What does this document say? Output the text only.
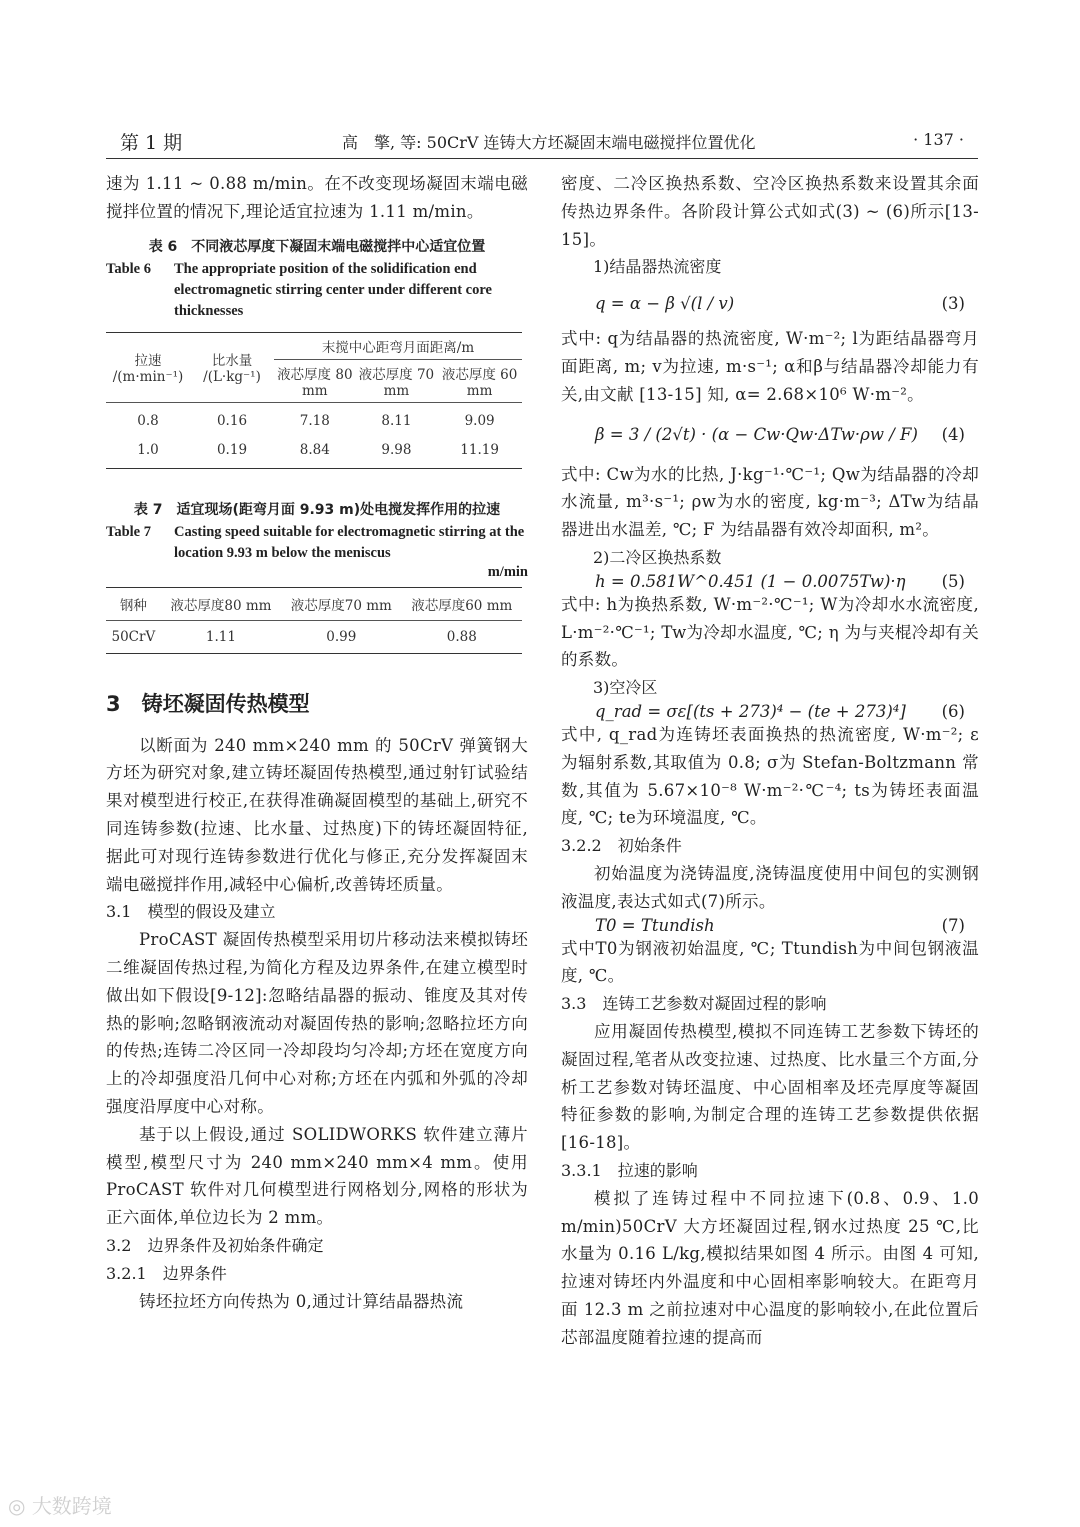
第 1 期	高　擎, 等: 50CrV 连铸大方坯凝固末端电磁搅拌位置优化	· 137 ·

速为 1.11 ~ 0.88 m/min。在不改变现场凝固末端电磁搅拌位置的情况下,理论适宜拉速为 1.11 m/min。

表 6　不同液芯厚度下凝固末端电磁搅拌中心适宜位置

Table 6	The appropriate position of the solidification end electromagnetic stirring center under different core thicknesses
拉速 /(m·min⁻¹)	比水量 /(L·kg⁻¹)	末搅中心距弯月面距离/m		
		液芯厚度 80 mm	液芯厚度 70 mm	液芯厚度 60 mm
0.8	0.16	7.18	8.11	9.09
1.0	0.19	8.84	9.98	11.19

表 7　适宜现场(距弯月面 9.93 m)处电搅发挥作用的拉速

Table 7	Casting speed suitable for electromagnetic stirring at the location 9.93 m below the meniscus
m/min
钢种	液芯厚度80 mm	液芯厚度70 mm	液芯厚度60 mm
50CrV	1.11	0.99	0.88
3　铸坯凝固传热模型

以断面为 240 mm×240 mm 的 50CrV 弹簧钢大方坯为研究对象,建立铸坯凝固传热模型,通过射钉试验结果对模型进行校正,在获得准确凝固模型的基础上,研究不同连铸参数(拉速、比水量、过热度)下的铸坯凝固特征,据此可对现行连铸参数进行优化与修正,充分发挥凝固末端电磁搅拌作用,减轻中心偏析,改善铸坯质量。

3.1　模型的假设及建立

ProCAST 凝固传热模型采用切片移动法来模拟铸坯二维凝固传热过程,为简化方程及边界条件,在建立模型时做出如下假设[9-12]:忽略结晶器的振动、锥度及其对传热的影响;忽略钢液流动对凝固传热的影响;忽略拉坯方向的传热;连铸二冷区同一冷却段均匀冷却;方坯在宽度方向上的冷却强度沿几何中心对称;方坯在内弧和外弧的冷却强度沿厚度中心对称。

基于以上假设,通过 SOLIDWORKS 软件建立薄片模型,模型尺寸为 240 mm×240 mm×4 mm。使用 ProCAST 软件对几何模型进行网格划分,网格的形状为正六面体,单位边长为 2 mm。

3.2　边界条件及初始条件确定

3.2.1　边界条件

铸坯拉坯方向传热为 0,通过计算结晶器热流

密度、二冷区换热系数、空冷区换热系数来设置其余面传热边界条件。各阶段计算公式如式(3) ~ (6)所示[13-15]。

1)结晶器热流密度

q = α − β √(l / v)	(3)

式中: q为结晶器的热流密度, W·m⁻²; l为距结晶器弯月面距离, m; v为拉速, m·s⁻¹; α和β与结晶器冷却能力有关,由文献 [13-15] 知, α= 2.68×10⁶ W·m⁻²。

β = 3 / (2√t) · (α − Cw·Qw·ΔTw·ρw / F) (4)

式中: Cw为水的比热, J·kg⁻¹·℃⁻¹; Qw为结晶器的冷却水流量, m³·s⁻¹; ρw为水的密度, kg·m⁻³; ΔTw为结晶器进出水温差, ℃; F 为结晶器有效冷却面积, m²。

2)二冷区换热系数

h = 0.581W^0.451 (1 − 0.0075Tw)·η (5)

式中: h为换热系数, W·m⁻²·℃⁻¹; W为冷却水水流密度, L·m⁻²·℃⁻¹; Tw为冷却水温度, ℃; η 为与夹棍冷却有关的系数。

3)空冷区

q_rad = σε[(ts + 273)⁴ − (te + 273)⁴] (6)

式中, q_rad为连铸坯表面换热的热流密度, W·m⁻²; ε 为辐射系数,其取值为 0.8; σ为 Stefan-Boltzmann 常数,其值为 5.67×10⁻⁸ W·m⁻²·℃⁻⁴; ts为铸坯表面温度, ℃; te为环境温度, ℃。

3.2.2　初始条件

初始温度为浇铸温度,浇铸温度使用中间包的实测钢液温度,表达式如式(7)所示。

T0 = Ttundish	(7)

式中T0为钢液初始温度, ℃; Ttundish为中间包钢液温度, ℃。

3.3　连铸工艺参数对凝固过程的影响

应用凝固传热模型,模拟不同连铸工艺参数下铸坯的凝固过程,笔者从改变拉速、过热度、比水量三个方面,分析工艺参数对铸坯温度、中心固相率及坯壳厚度等凝固特征参数的影响,为制定合理的连铸工艺参数提供依据[16-18]。

3.3.1　拉速的影响

模拟了连铸过程中不同拉速下(0.8、0.9、1.0 m/min)50CrV 大方坯凝固过程,钢水过热度 25 ℃,比水量为 0.16 L/kg,模拟结果如图 4 所示。由图 4 可知,拉速对铸坯内外温度和中心固相率影响较大。在距弯月面 12.3 m 之前拉速对中心温度的影响较小,在此位置后芯部温度随着拉速的提高而

◎ 大数跨境
